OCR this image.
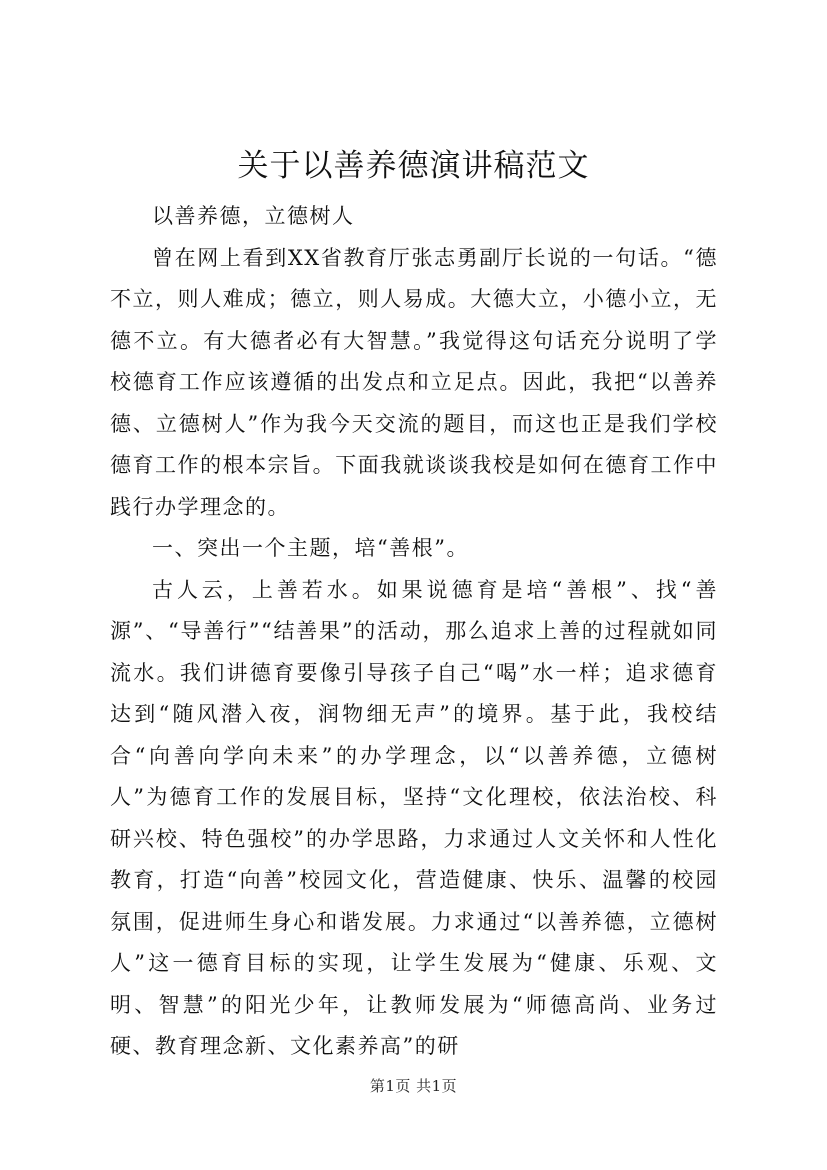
关于以善养德演讲稿范文

以善养德，立德树人

曾在网上看到XX省教育厅张志勇副厅长说的一句话。“德不立，则人难成；德立，则人易成。大德大立，小德小立，无德不立。有大德者必有大智慧。”我觉得这句话充分说明了学校德育工作应该遵循的出发点和立足点。因此，我把“以善养德、立德树人”作为我今天交流的题目，而这也正是我们学校德育工作的根本宗旨。下面我就谈谈我校是如何在德育工作中践行办学理念的。

一、突出一个主题，培“善根”。

古人云，上善若水。如果说德育是培“善根”、找“善源”、“导善行”“结善果”的活动，那么追求上善的过程就如同流水。我们讲德育要像引导孩子自己“喝”水一样；追求德育达到“随风潜入夜，润物细无声”的境界。基于此，我校结合“向善向学向未来”的办学理念，以“以善养德，立德树人”为德育工作的发展目标，坚持“文化理校，依法治校、科研兴校、特色强校”的办学思路，力求通过人文关怀和人性化教育，打造“向善”校园文化，营造健康、快乐、温馨的校园氛围，促进师生身心和谐发展。力求通过“以善养德，立德树人”这一德育目标的实现，让学生发展为“健康、乐观、文明、智慧”的阳光少年，让教师发展为“师德高尚、业务过硬、教育理念新、文化素养高”的研

第1页 共1页
